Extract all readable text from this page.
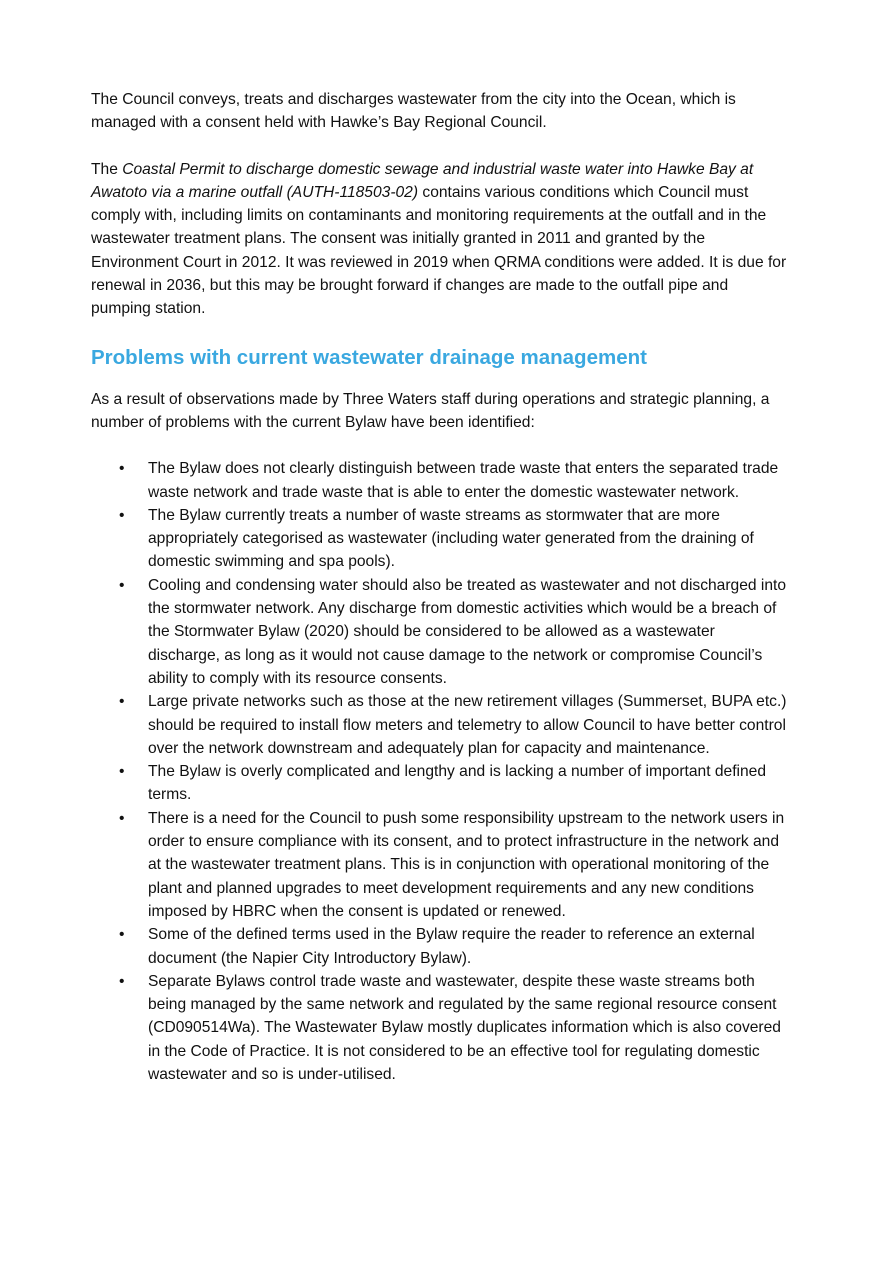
The Council conveys, treats and discharges wastewater from the city into the Ocean, which is managed with a consent held with Hawke’s Bay Regional Council.

The Coastal Permit to discharge domestic sewage and industrial waste water into Hawke Bay at Awatoto via a marine outfall (AUTH-118503-02) contains various conditions which Council must comply with, including limits on contaminants and monitoring requirements at the outfall and in the wastewater treatment plans. The consent was initially granted in 2011 and granted by the Environment Court in 2012. It was reviewed in 2019 when QRMA conditions were added. It is due for renewal in 2036, but this may be brought forward if changes are made to the outfall pipe and pumping station.

Problems with current wastewater drainage management

As a result of observations made by Three Waters staff during operations and strategic planning, a number of problems with the current Bylaw have been identified:

• The Bylaw does not clearly distinguish between trade waste that enters the separated trade waste network and trade waste that is able to enter the domestic wastewater network.
• The Bylaw currently treats a number of waste streams as stormwater that are more appropriately categorised as wastewater (including water generated from the draining of domestic swimming and spa pools).
• Cooling and condensing water should also be treated as wastewater and not discharged into the stormwater network. Any discharge from domestic activities which would be a breach of the Stormwater Bylaw (2020) should be considered to be allowed as a wastewater discharge, as long as it would not cause damage to the network or compromise Council’s ability to comply with its resource consents.
• Large private networks such as those at the new retirement villages (Summerset, BUPA etc.) should be required to install flow meters and telemetry to allow Council to have better control over the network downstream and adequately plan for capacity and maintenance.
• The Bylaw is overly complicated and lengthy and is lacking a number of important defined terms.
• There is a need for the Council to push some responsibility upstream to the network users in order to ensure compliance with its consent, and to protect infrastructure in the network and at the wastewater treatment plans. This is in conjunction with operational monitoring of the plant and planned upgrades to meet development requirements and any new conditions imposed by HBRC when the consent is updated or renewed.
• Some of the defined terms used in the Bylaw require the reader to reference an external document (the Napier City Introductory Bylaw).
• Separate Bylaws control trade waste and wastewater, despite these waste streams both being managed by the same network and regulated by the same regional resource consent (CD090514Wa). The Wastewater Bylaw mostly duplicates information which is also covered in the Code of Practice. It is not considered to be an effective tool for regulating domestic wastewater and so is under-utilised.
